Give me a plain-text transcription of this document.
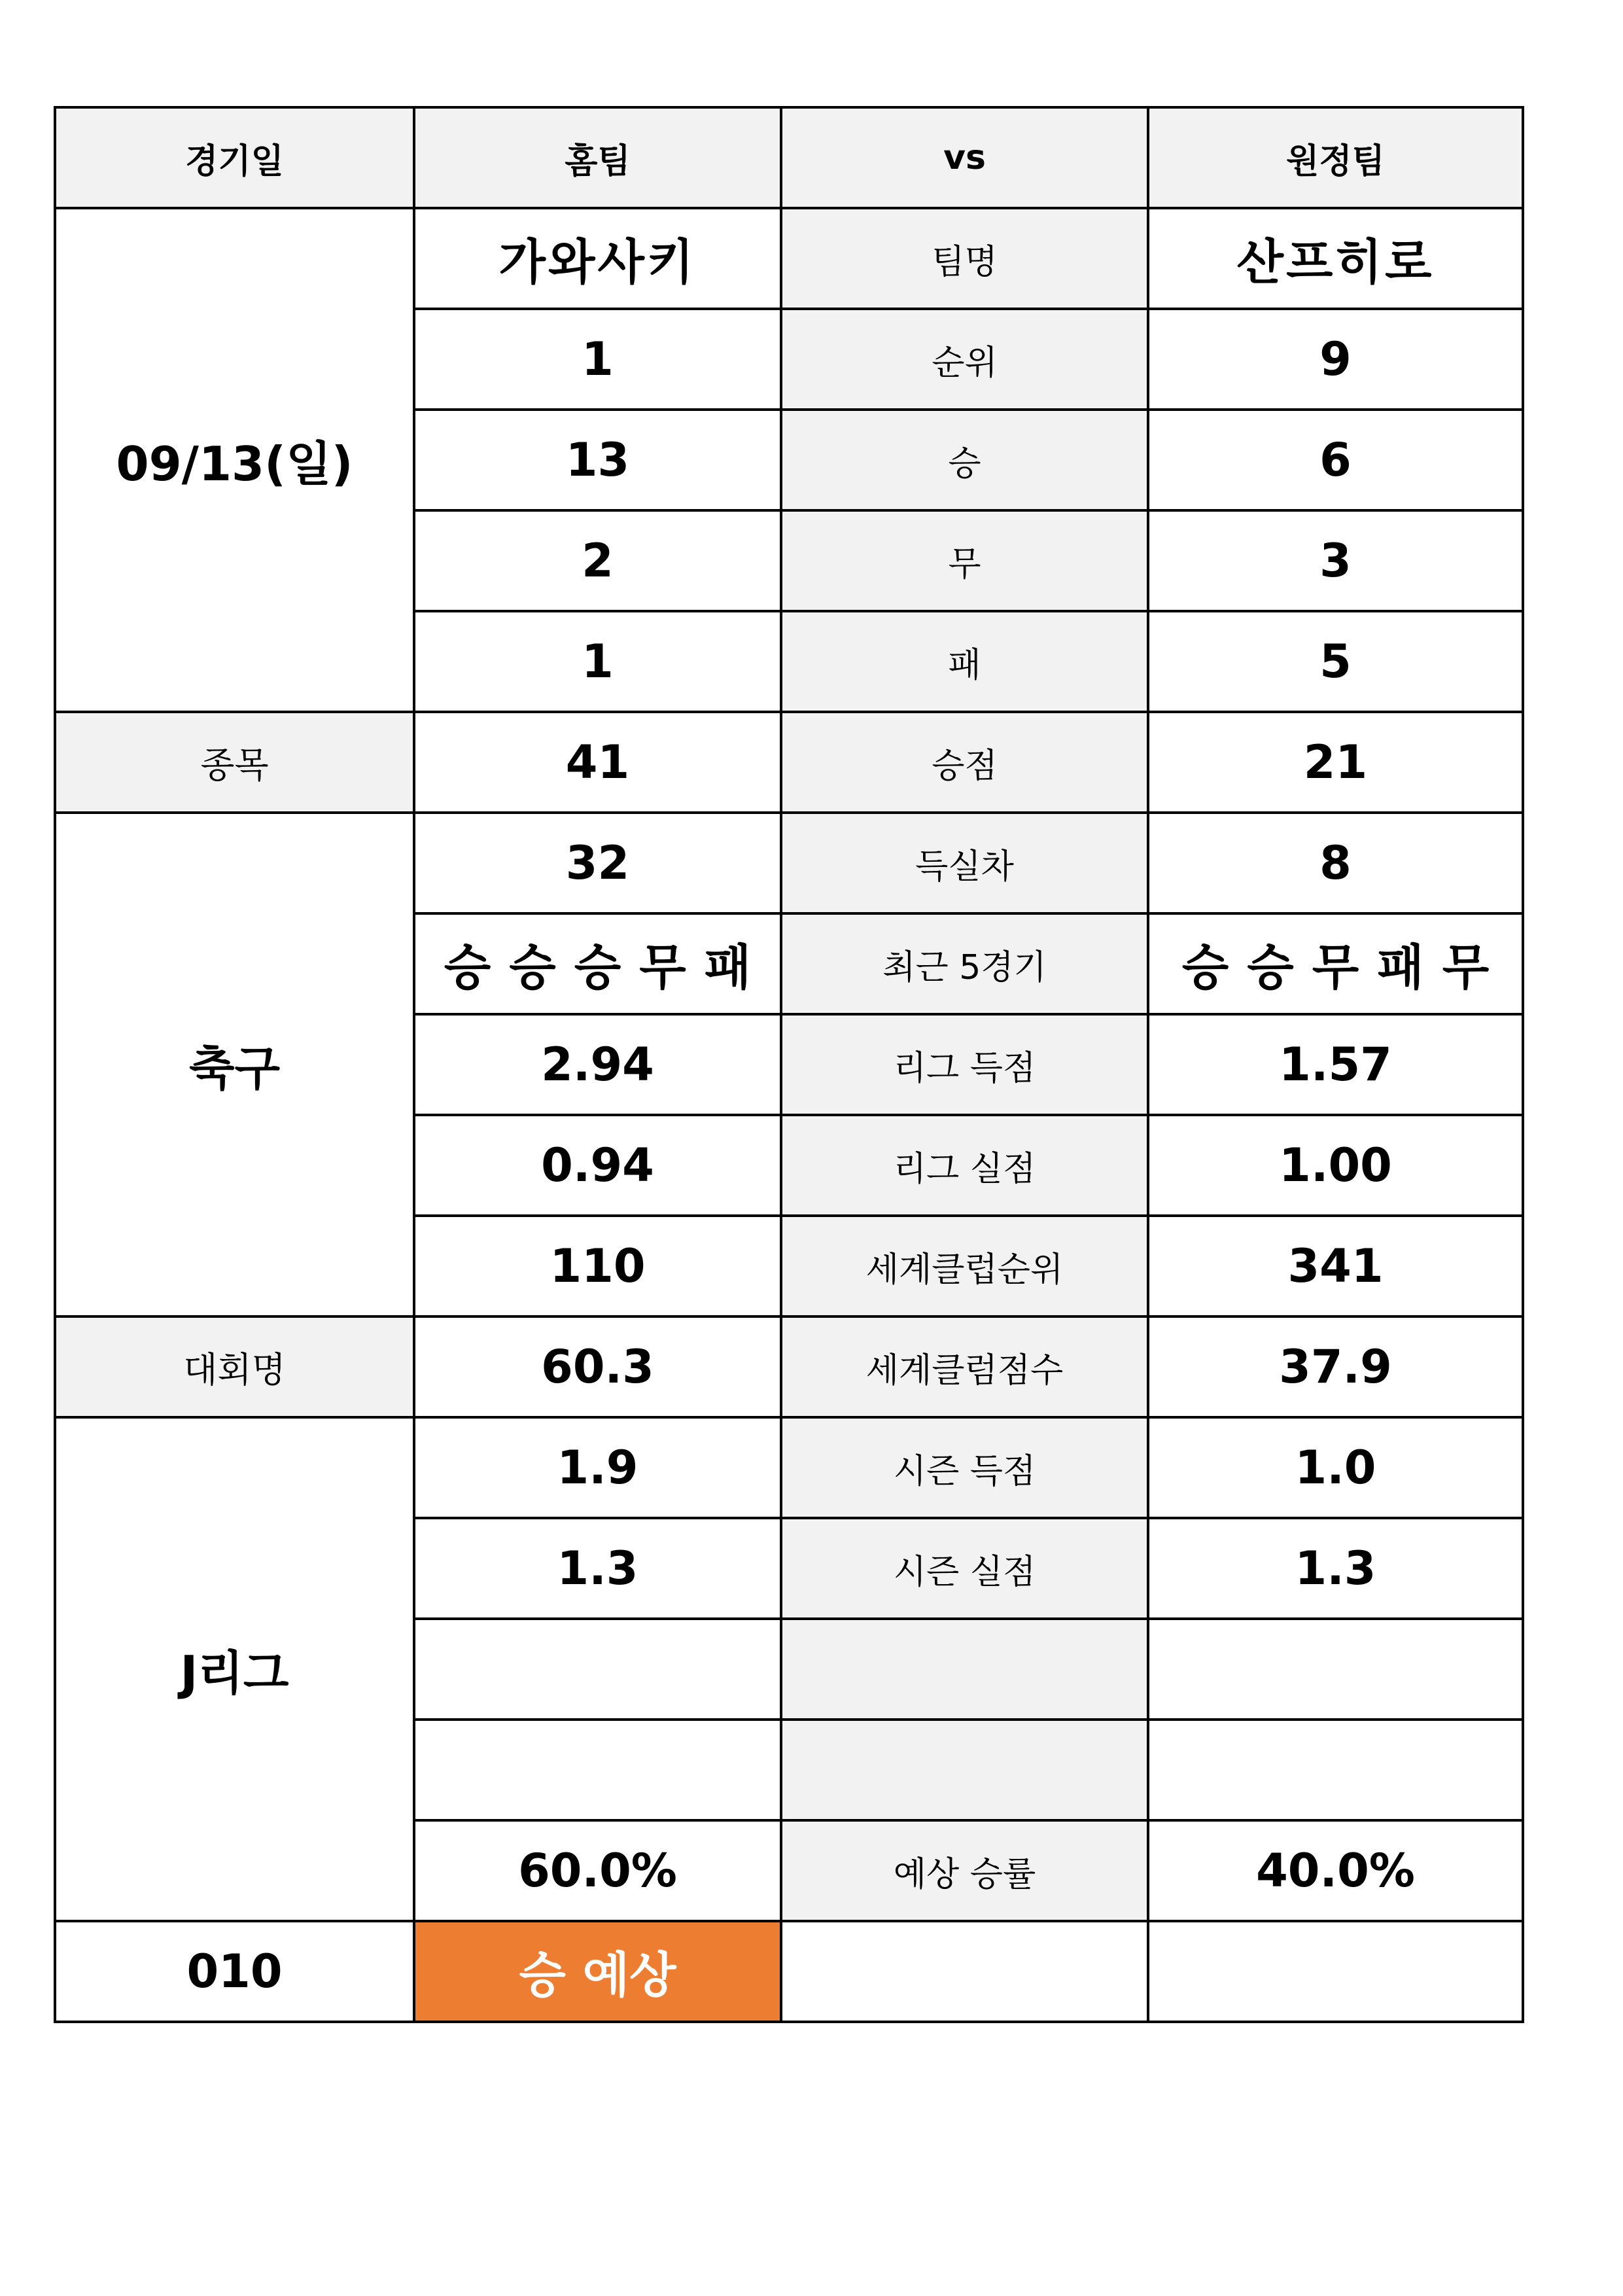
경기일	홈팀	vs	원정팀
09/13(일)	가와사키	팀명	산프히로
	1	순위	9
	13	승	6
	2	무	3
	1	패	5
종목	41	승점	21
축구	32	득실차	8
	승 승 승 무 패	최근 5경기	승 승 무 패 무
	2.94	리그 득점	1.57
	0.94	리그 실점	1.00
	110	세계클럽순위	341
대회명	60.3	세계클럼점수	37.9
J리그	1.9	시즌 득점	1.0
	1.3	시즌 실점	1.3

	60.0%	예상 승률	40.0%
010	승 예상		
